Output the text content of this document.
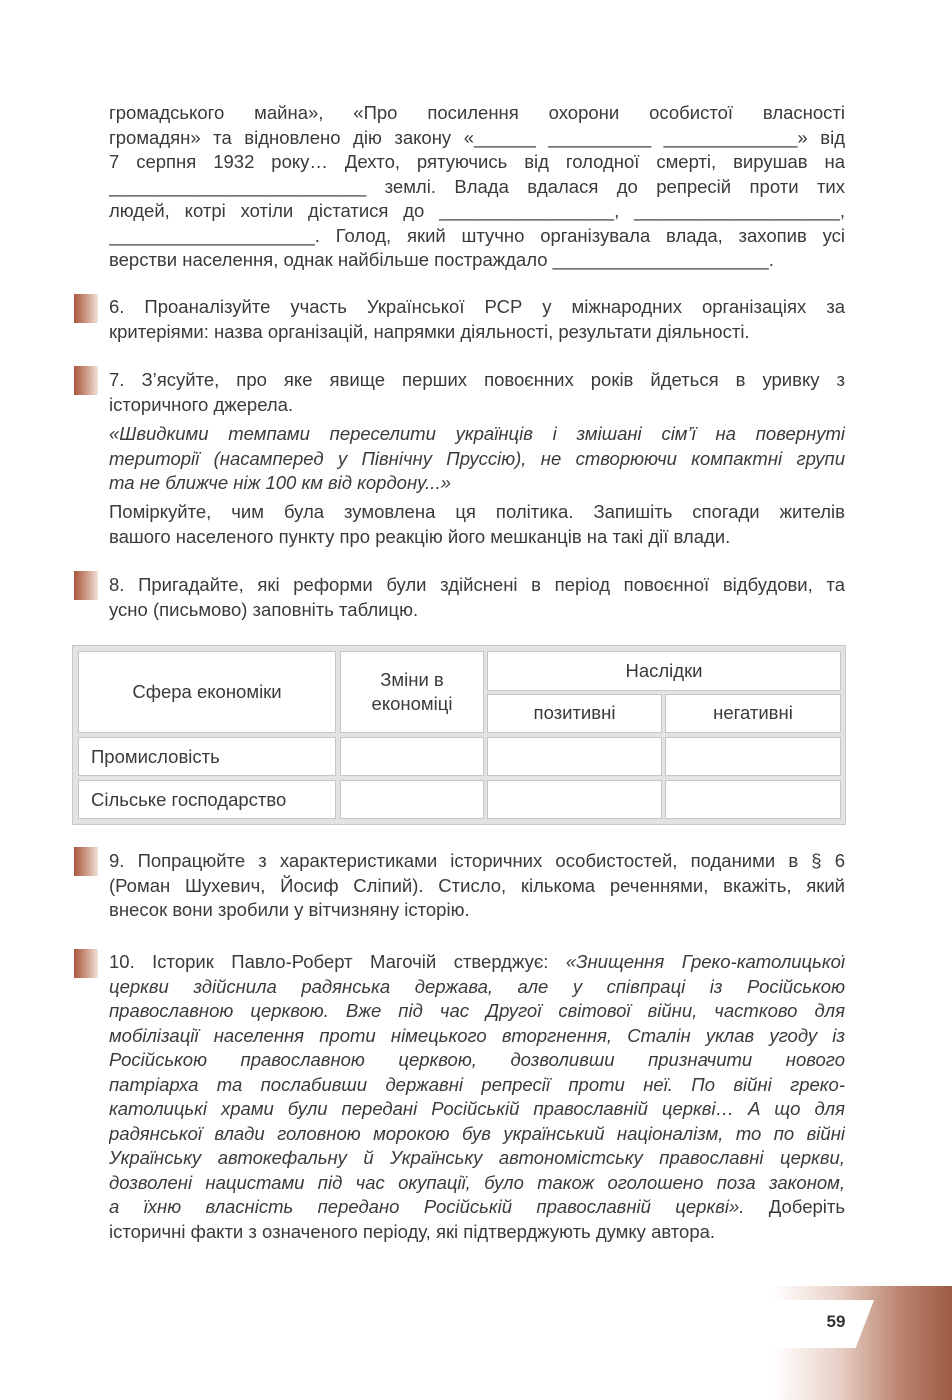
громадського майна», «Про посилення охорони особистої власності
громадян» та відновлено дію закону «______ __________ _____________» від
7 серпня 1932 року… Дехто, рятуючись від голодної смерті, вирушав на
_________________________ землі. Влада вдалася до репресій проти тих
людей, котрі хотіли дістатися до _________________, ____________________,
____________________. Голод, який штучно організувала влада, захопив усі
верстви населення, однак найбільше постраждало _____________________.
6. Проаналізуйте участь Української РСР у міжнародних організаціях за
критеріями: назва організацій, напрямки діяльності, результати діяльності.
7. З’ясуйте, про яке явище перших повоєнних років йдеться в уривку з
історичного джерела.
«Швидкими темпами переселити українців і змішані сім’ї на повернуті
території (насамперед у Північну Пруссію), не створюючи компактні групи
та не ближче ніж 100 км від кордону...»
Поміркуйте, чим була зумовлена ця політика. Запишіть спогади жителів
вашого населеного пункту про реакцію його мешканців на такі дії влади.
8. Пригадайте, які реформи були здійснені в період повоєнної відбудови, та
усно (письмово) заповніть таблицю.
Сфера економіки
Зміни в економіці
Наслідки
позитивні	негативні
Промисловість
Сільське господарство
9. Попрацюйте з характеристиками історичних особистостей, поданими в § 6
(Роман Шухевич, Йосиф Сліпий). Стисло, кількома реченнями, вкажіть, який
внесок вони зробили у вітчизняну історію.
10. Історик Павло-Роберт Магочій стверджує: «Знищення Греко-католицької
церкви здійснила радянська держава, але у співпраці із Російською
православною церквою. Вже під час Другої світової війни, частково для
мобілізації населення проти німецького вторгнення, Сталін уклав угоду із
Російською православною церквою, дозволивши призначити нового
патріарха та послабивши державні репресії проти неї. По війні греко-
католицькі храми були передані Російській православній церкві… А що для
радянської влади головною морокою був український націоналізм, то по війні
Українську автокефальну й Українську автономістську православні церкви,
дозволені нацистами під час окупації, було також оголошено поза законом,
а їхню власність передано Російській православній церкві». Доберіть
історичні факти з означеного періоду, які підтверджують думку автора.
59
